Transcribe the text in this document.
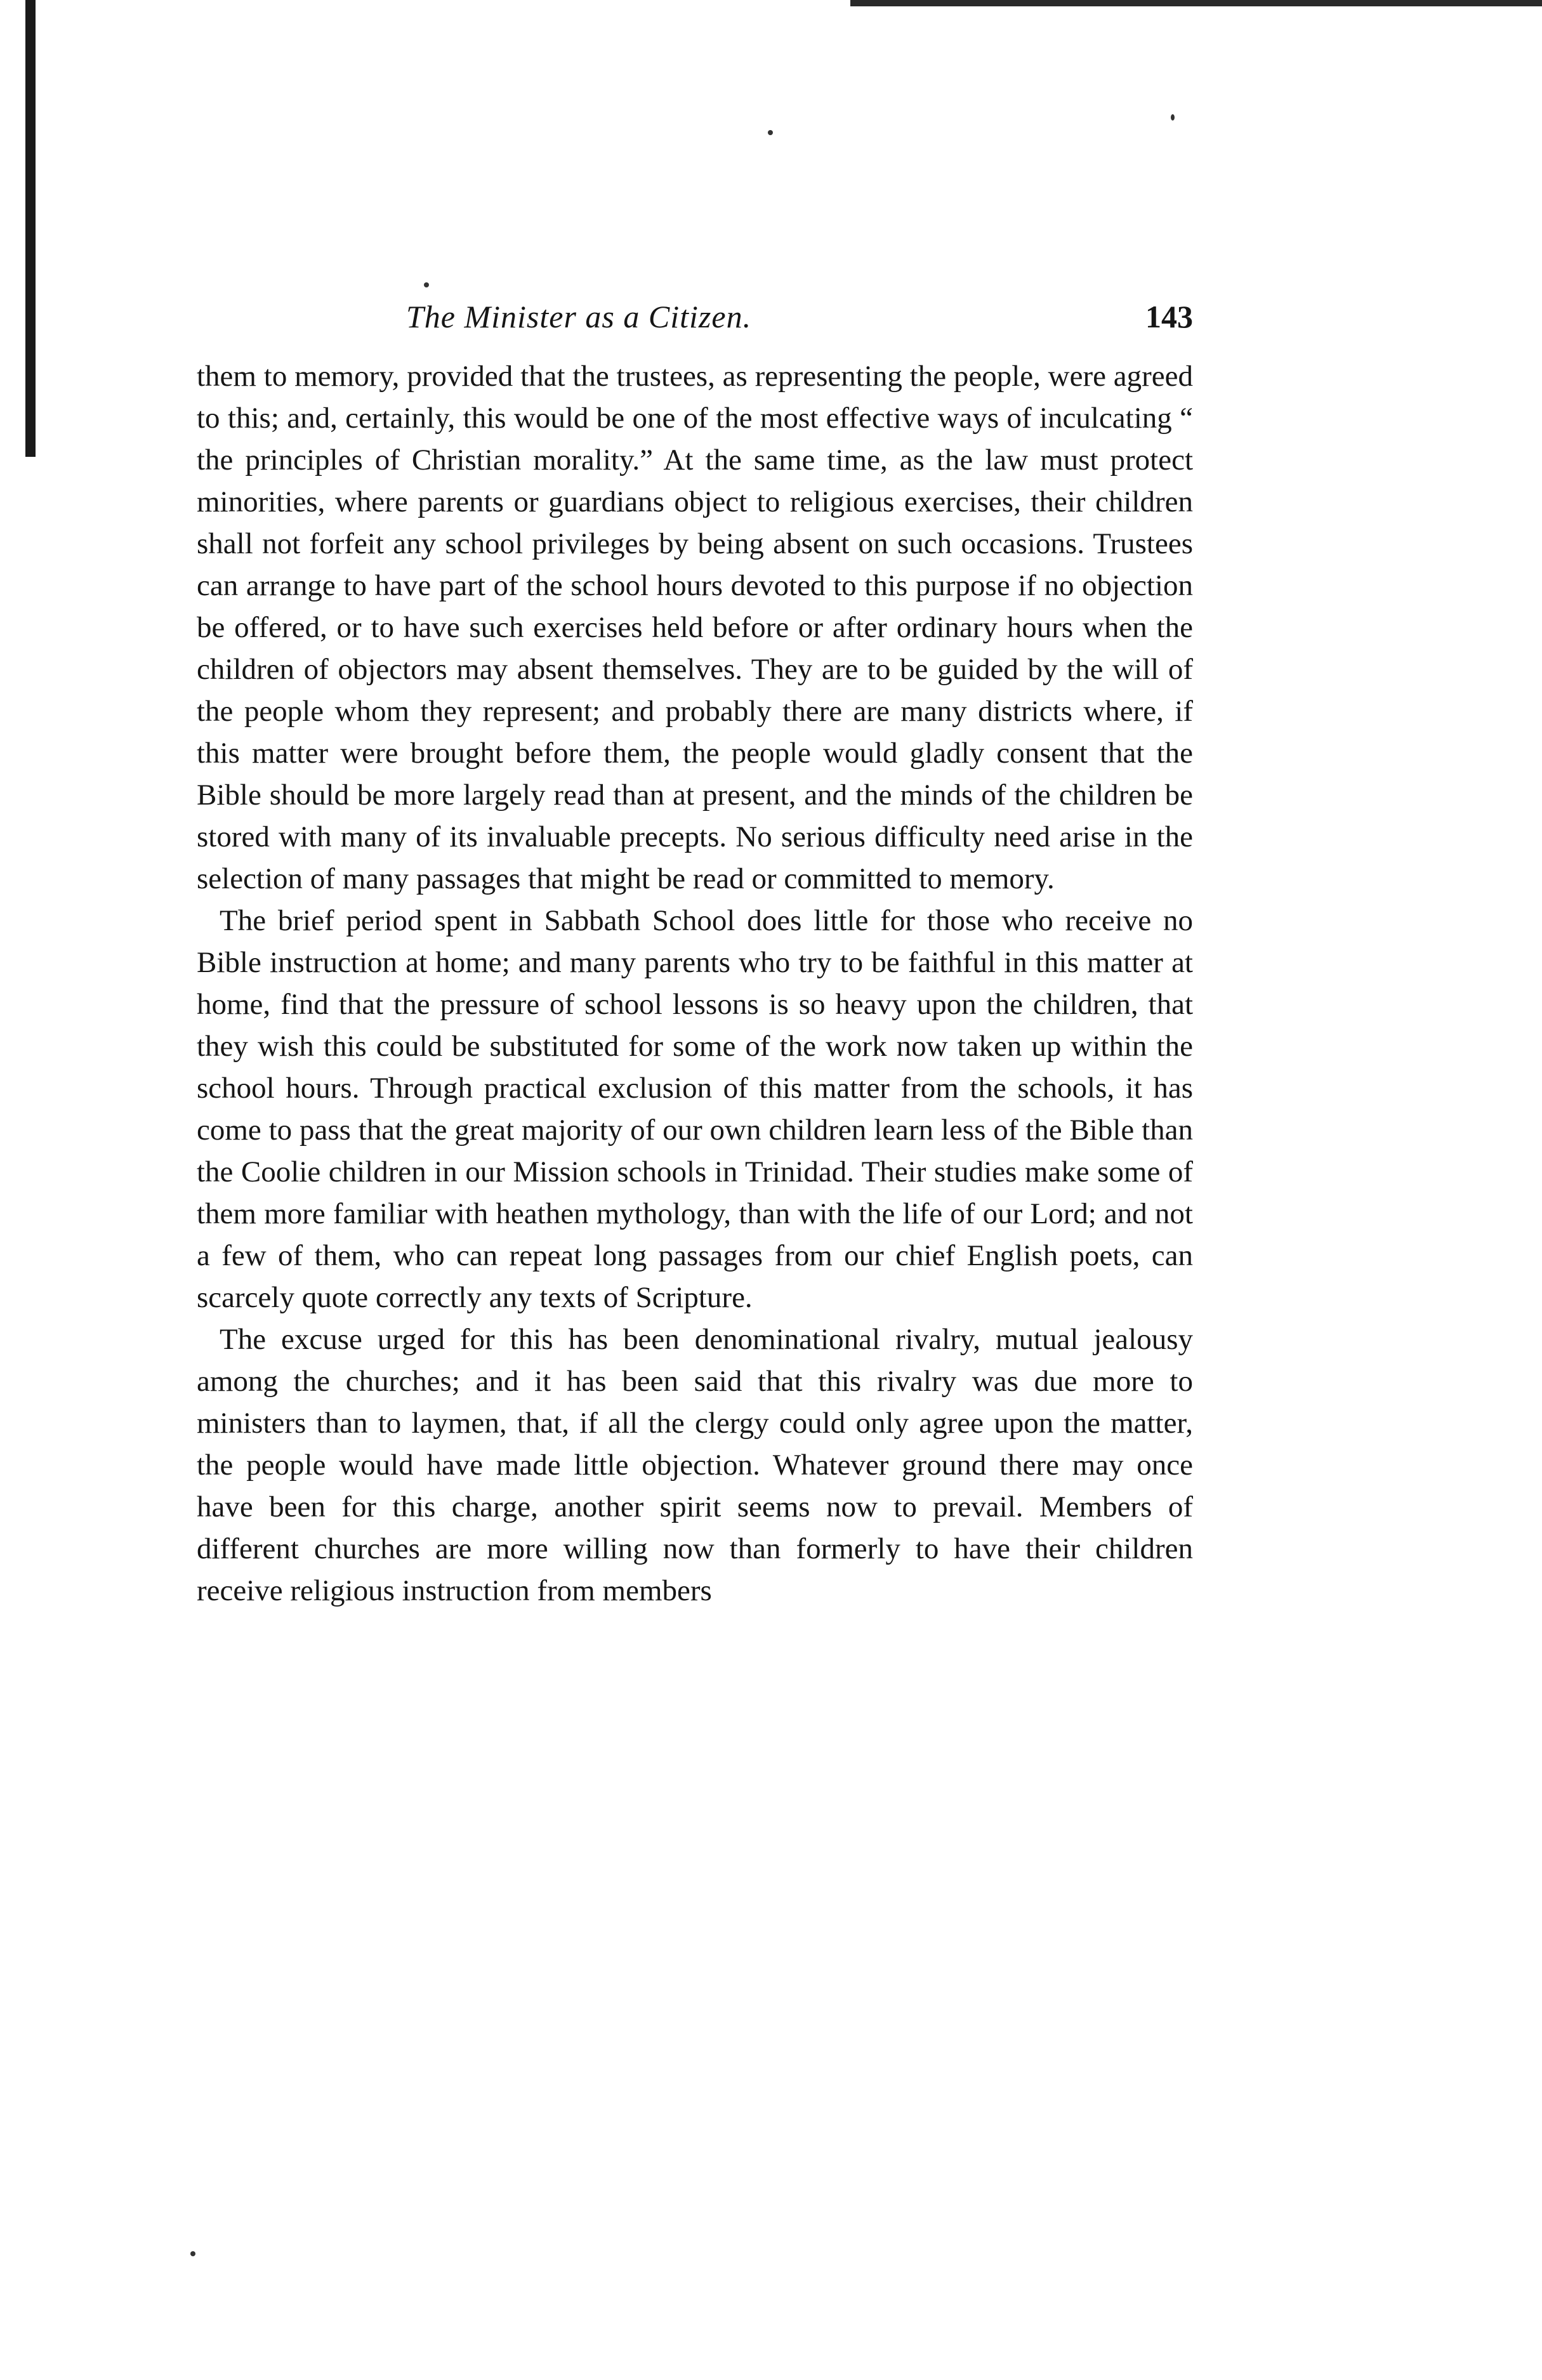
The Minister as a Citizen.	143

them to memory, provided that the trustees, as representing the people, were agreed to this; and, certainly, this would be one of the most effective ways of inculcating “ the principles of Christian morality.” At the same time, as the law must protect minorities, where parents or guardians object to religious exercises, their children shall not forfeit any school privileges by being absent on such occasions. Trustees can arrange to have part of the school hours devoted to this purpose if no objection be offered, or to have such exercises held before or after ordinary hours when the children of objectors may absent themselves. They are to be guided by the will of the people whom they represent; and probably there are many districts where, if this matter were brought before them, the people would gladly consent that the Bible should be more largely read than at present, and the minds of the children be stored with many of its invaluable precepts. No serious difficulty need arise in the selection of many passages that might be read or committed to memory.

The brief period spent in Sabbath School does little for those who receive no Bible instruction at home; and many parents who try to be faithful in this matter at home, find that the pressure of school lessons is so heavy upon the children, that they wish this could be substituted for some of the work now taken up within the school hours. Through practical exclusion of this matter from the schools, it has come to pass that the great majority of our own children learn less of the Bible than the Coolie children in our Mission schools in Trinidad. Their studies make some of them more familiar with heathen mythology, than with the life of our Lord; and not a few of them, who can repeat long passages from our chief English poets, can scarcely quote correctly any texts of Scripture.

The excuse urged for this has been denominational rivalry, mutual jealousy among the churches; and it has been said that this rivalry was due more to ministers than to laymen, that, if all the clergy could only agree upon the matter, the people would have made little objection. Whatever ground there may once have been for this charge, another spirit seems now to prevail. Members of different churches are more willing now than formerly to have their children receive religious instruction from members
